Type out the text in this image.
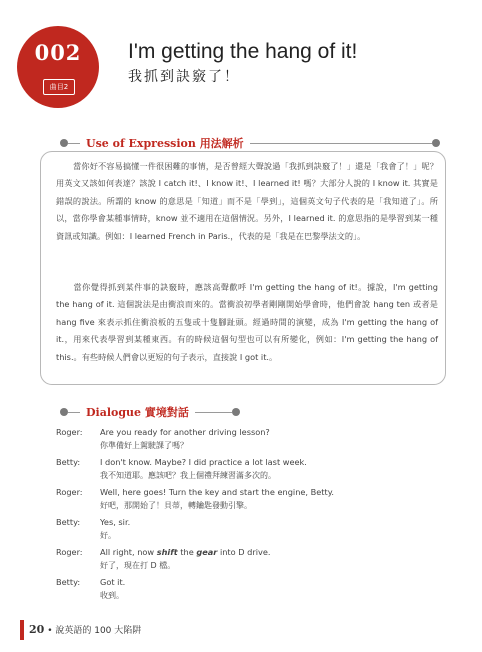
002
曲目2
I'm getting the hang of it!
我抓到訣竅了！
Use of Expression 用法解析
當你好不容易搞懂一件很困難的事情，是否曾經大聲說過「我抓到訣竅了！」還是「我會了！」呢？用英文又該如何表達？該說 I catch it!、I know it!、I learned it! 嗎？大部分人說的 I know it. 其實是錯誤的說法。所謂的 know 的意思是「知道」而不是「學到」，這個英文句子代表的是「我知道了」。所以，當你學會某種事情時，know 並不適用在這個情況。另外，I learned it. 的意思指的是學習到某一種資訊或知識。例如：I learned French in Paris.，代表的是「我是在巴黎學法文的」。
當你覺得抓到某件事的訣竅時，應該高聲歡呼 I'm getting the hang of it!。據說，I'm getting the hang of it. 這個說法是由衝浪而來的。當衝浪初學者剛剛開始學會時，他們會說 hang ten 或者是 hang five 來表示抓住衝浪板的五隻或十隻腳趾頭。經過時間的演變，成為 I'm getting the hang of it.，用來代表學習到某種東西。有的時候這個句型也可以有所變化，例如：I'm getting the hang of this.。有些時候人們會以更短的句子表示，直接說 I got it.。
Dialogue 實境對話
Roger:	Are you ready for another driving lesson?
你準備好上駕駛課了嗎？
Betty:	I don't know. Maybe? I did practice a lot last week.
我不知道耶。應該吧？我上個禮拜練習滿多次的。
Roger:	Well, here goes! Turn the key and start the engine, Betty.
好吧，那開始了！貝蒂，轉鑰匙發動引擎。
Betty:	Yes, sir.
好。
Roger:	All right, now shift the gear into D drive.
好了，現在打 D 檔。
Betty:	Got it.
收到。
20 • 說英語的 100 大陷阱
